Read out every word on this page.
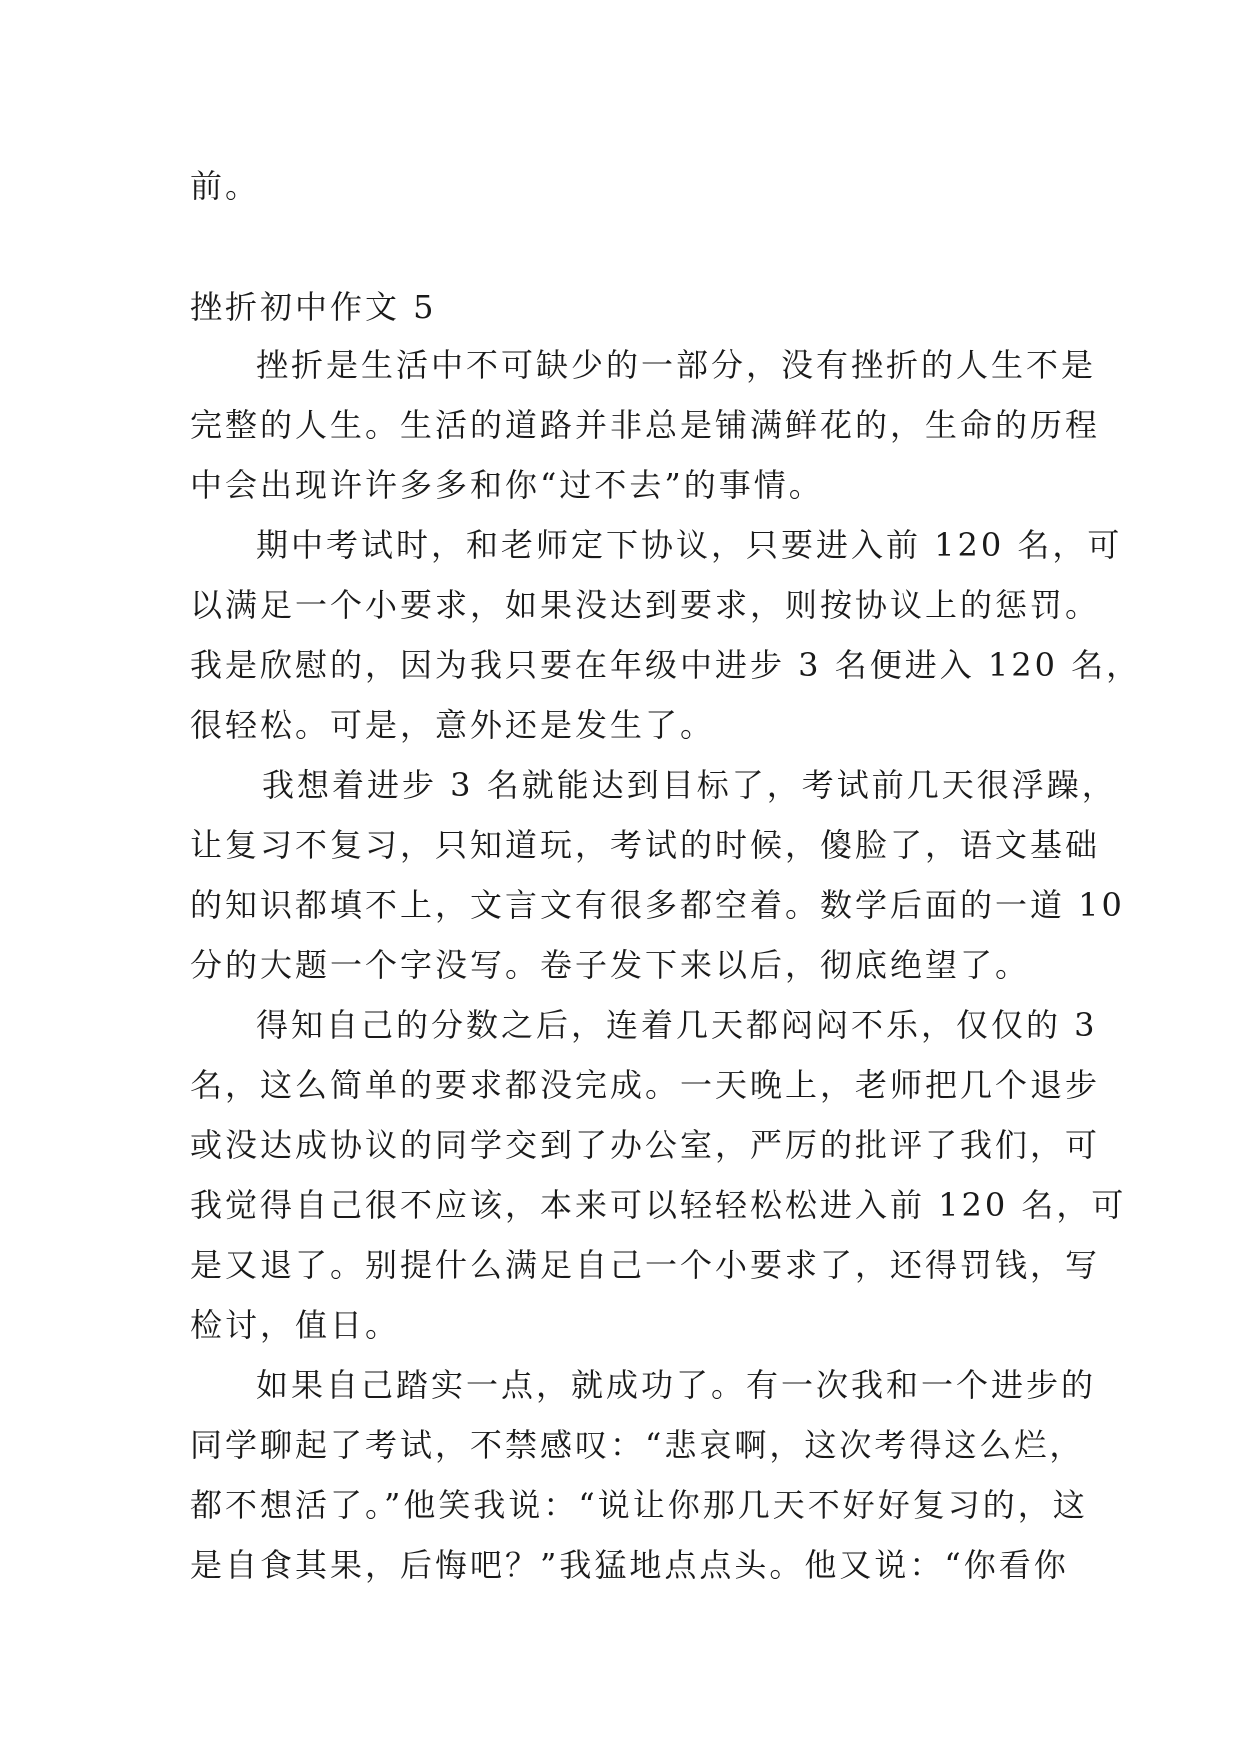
前。
挫折初中作文 5
挫折是生活中不可缺少的一部分，没有挫折的人生不是
完整的人生。生活的道路并非总是铺满鲜花的，生命的历程
中会出现许许多多和你“过不去”的事情。
期中考试时，和老师定下协议，只要进入前 120 名，可
以满足一个小要求，如果没达到要求，则按协议上的惩罚。
我是欣慰的，因为我只要在年级中进步 3 名便进入 120 名，
很轻松。可是，意外还是发生了。
我想着进步 3 名就能达到目标了，考试前几天很浮躁，
让复习不复习，只知道玩，考试的时候，傻脸了，语文基础
的知识都填不上，文言文有很多都空着。数学后面的一道 10
分的大题一个字没写。卷子发下来以后，彻底绝望了。
得知自己的分数之后，连着几天都闷闷不乐，仅仅的 3
名，这么简单的要求都没完成。一天晚上，老师把几个退步
或没达成协议的同学交到了办公室，严厉的批评了我们，可
我觉得自己很不应该，本来可以轻轻松松进入前 120 名，可
是又退了。别提什么满足自己一个小要求了，还得罚钱，写
检讨，值日。
如果自己踏实一点，就成功了。有一次我和一个进步的
同学聊起了考试，不禁感叹：“悲哀啊，这次考得这么烂，
都不想活了。”他笑我说：“说让你那几天不好好复习的，这
是自食其果，后悔吧？”我猛地点点头。他又说：“你看你
